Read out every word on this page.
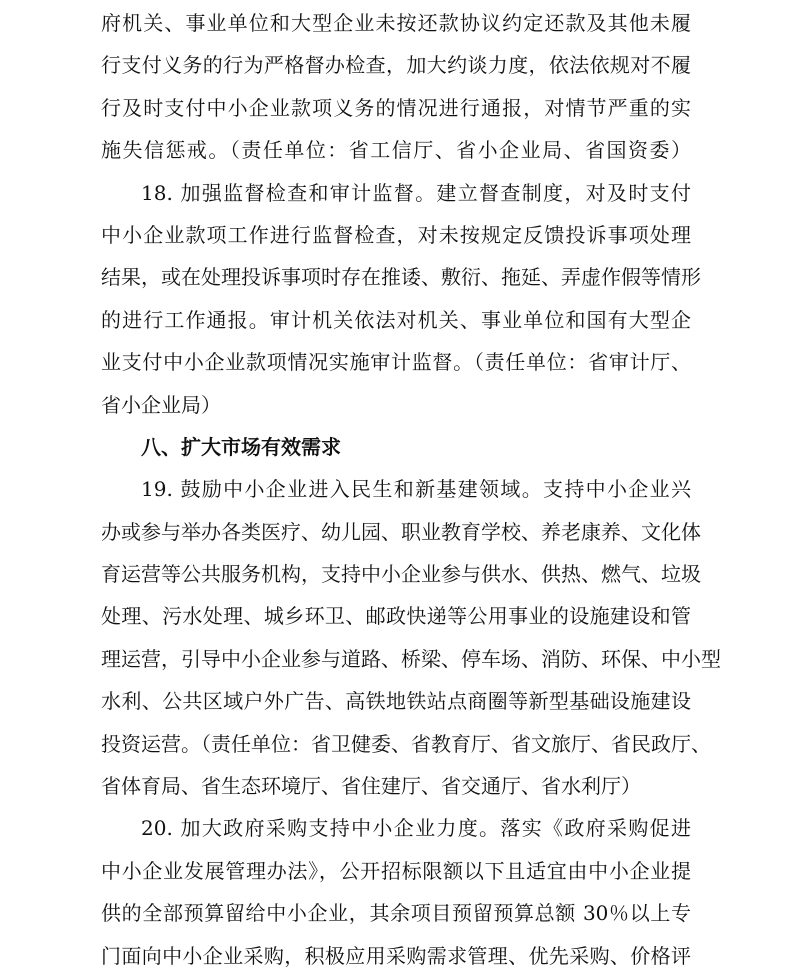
府机关、事业单位和大型企业未按还款协议约定还款及其他未履
行支付义务的行为严格督办检查，加大约谈力度，依法依规对不履
行及时支付中小企业款项义务的情况进行通报，对情节严重的实
施失信惩戒。（责任单位：省工信厅、省小企业局、省国资委）
18. 加强监督检查和审计监督。建立督查制度，对及时支付
中小企业款项工作进行监督检查，对未按规定反馈投诉事项处理
结果，或在处理投诉事项时存在推诿、敷衍、拖延、弄虚作假等情形
的进行工作通报。审计机关依法对机关、事业单位和国有大型企
业支付中小企业款项情况实施审计监督。（责任单位：省审计厅、
省小企业局）
八、扩大市场有效需求
19. 鼓励中小企业进入民生和新基建领域。支持中小企业兴
办或参与举办各类医疗、幼儿园、职业教育学校、养老康养、文化体
育运营等公共服务机构，支持中小企业参与供水、供热、燃气、垃圾
处理、污水处理、城乡环卫、邮政快递等公用事业的设施建设和管
理运营，引导中小企业参与道路、桥梁、停车场、消防、环保、中小型
水利、公共区域户外广告、高铁地铁站点商圈等新型基础设施建设
投资运营。（责任单位：省卫健委、省教育厅、省文旅厅、省民政厅、
省体育局、省生态环境厅、省住建厅、省交通厅、省水利厅）
20. 加大政府采购支持中小企业力度。落实《政府采购促进
中小企业发展管理办法》，公开招标限额以下且适宜由中小企业提
供的全部预算留给中小企业，其余项目预留预算总额 30％以上专
门面向中小企业采购，积极应用采购需求管理、优先采购、价格评
